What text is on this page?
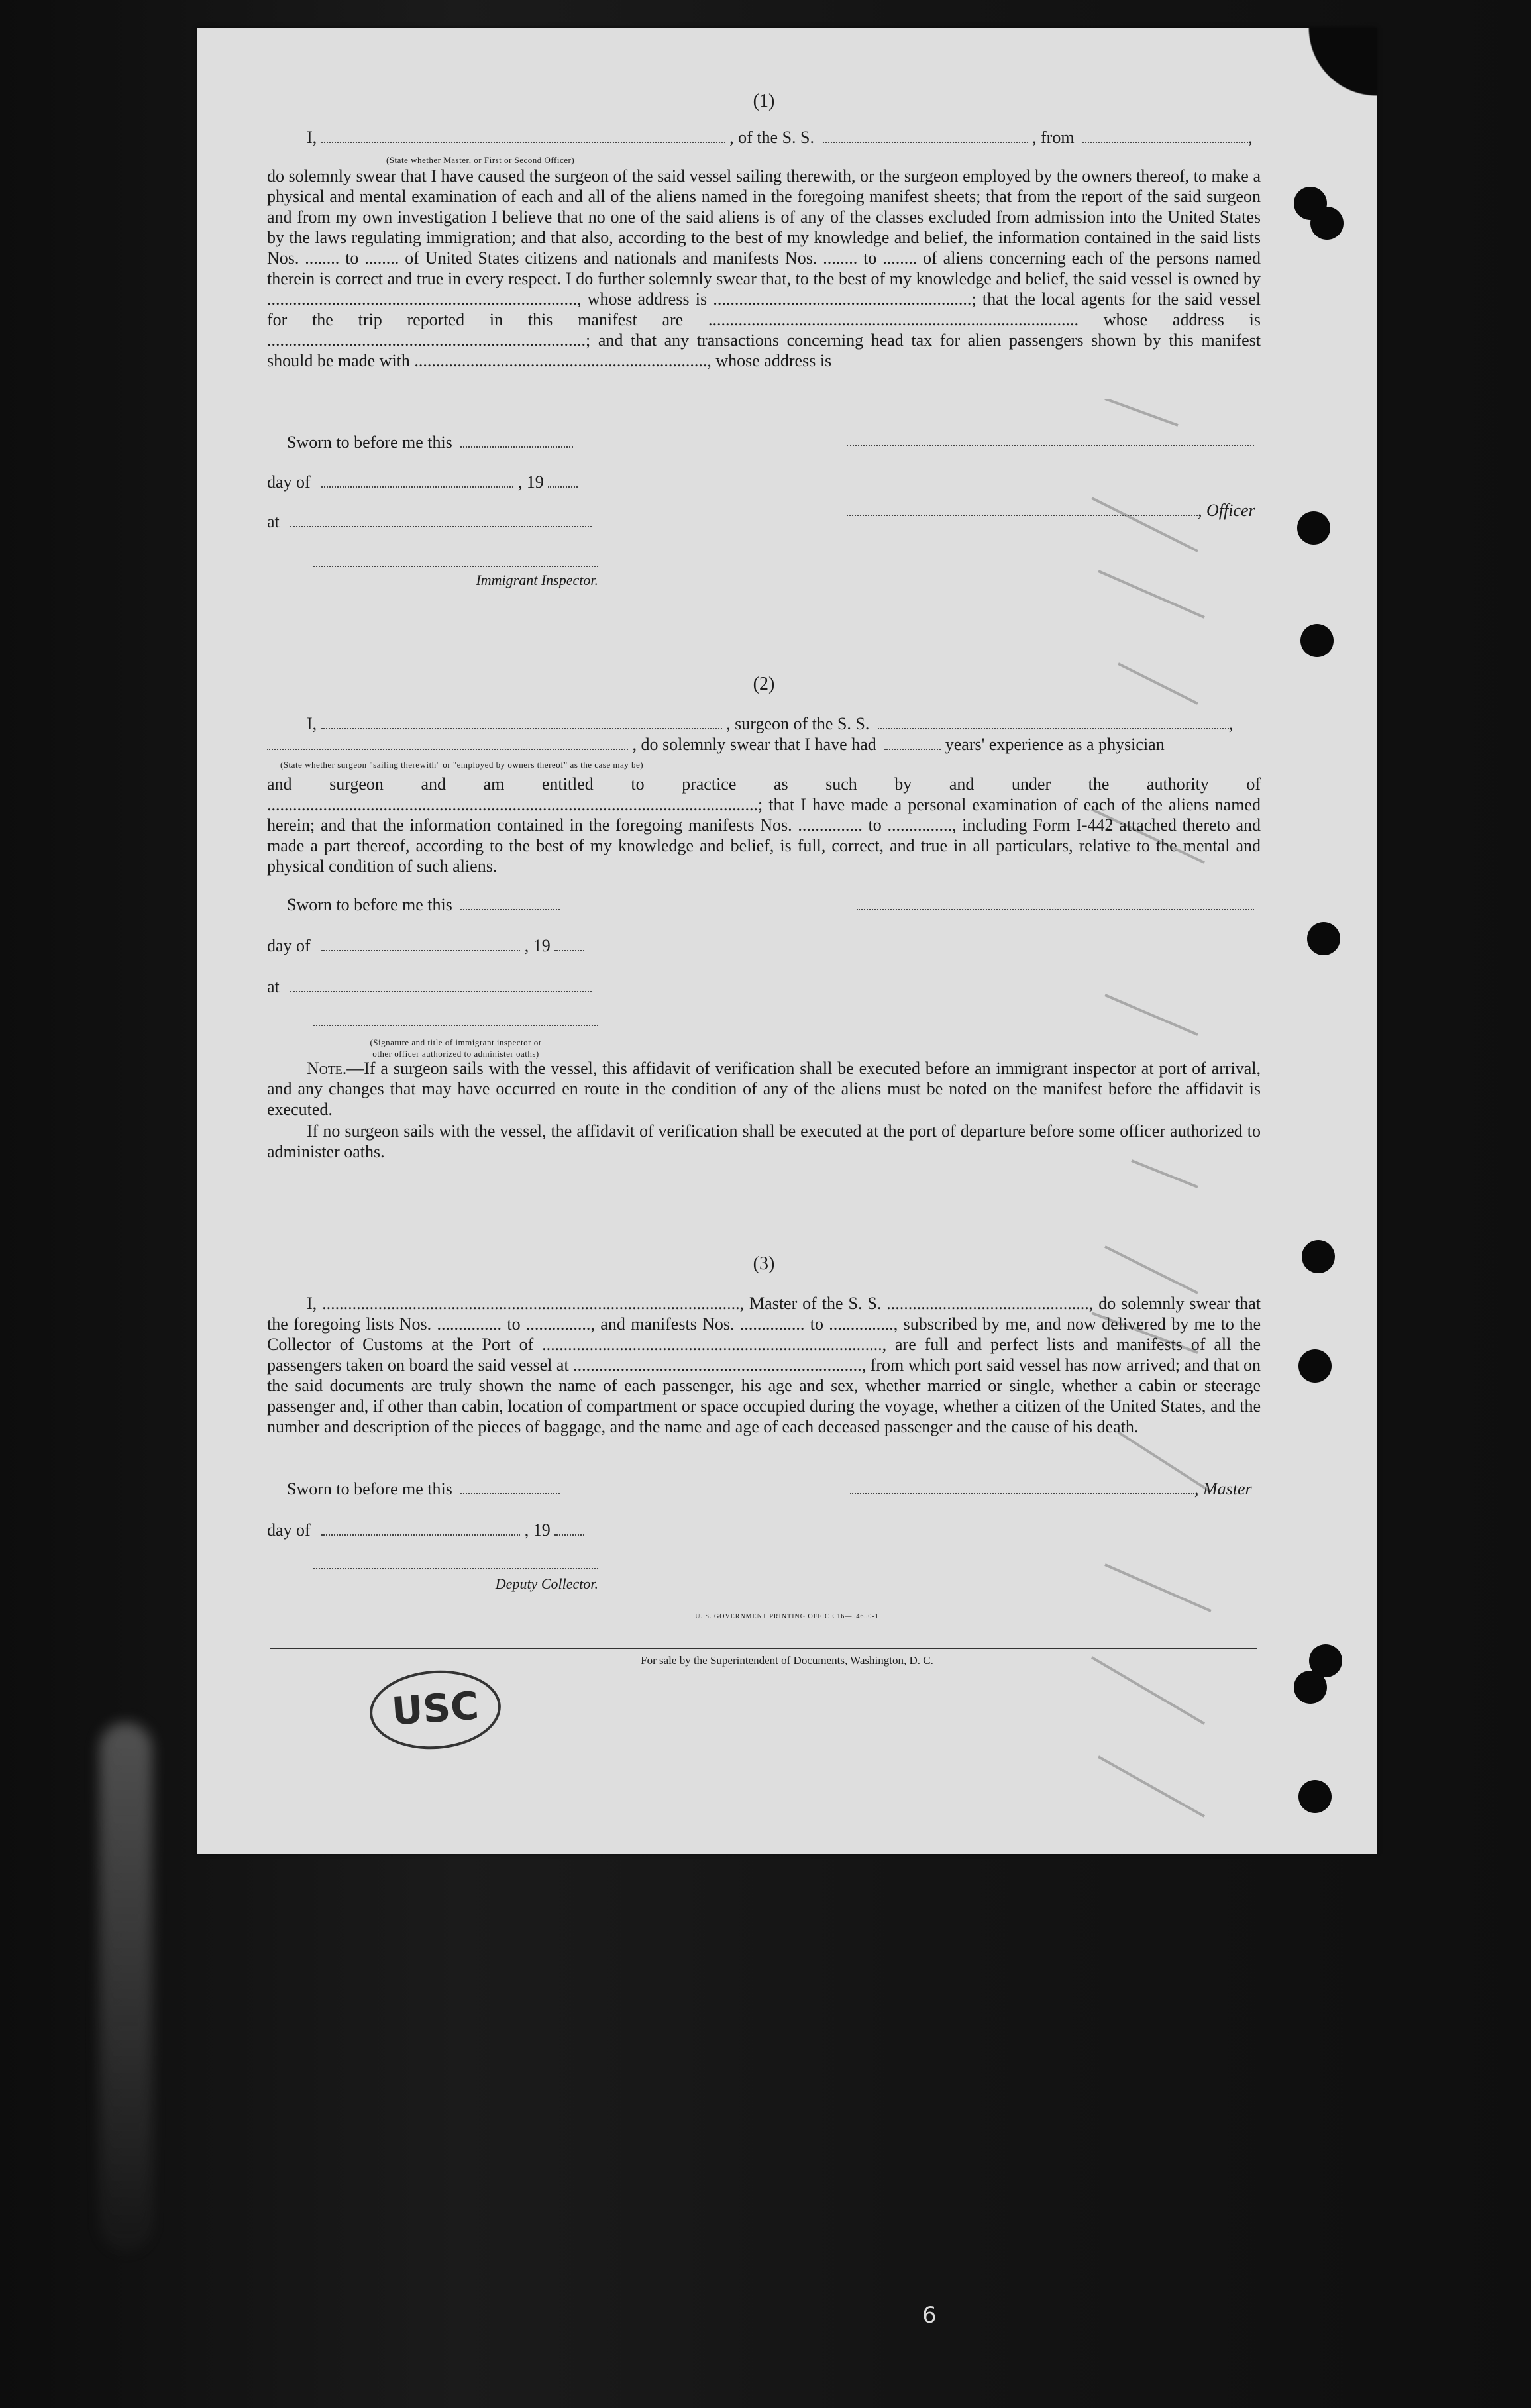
(1)
I,	, of the S. S.	, from	,
(State whether Master, or First or Second Officer)
do solemnly swear that I have caused the surgeon of the said vessel sailing therewith, or the surgeon employed by the owners thereof, to make a physical and mental examination of each and all of the aliens named in the foregoing manifest sheets; that from the report of the said surgeon and from my own investigation I believe that no one of the said aliens is of any of the classes excluded from admission into the United States by the laws regulating immigration; and that also, according to the best of my knowledge and belief, the information contained in the said lists Nos. ........ to ........ of United States citizens and nationals and manifests Nos. ........ to ........ of aliens concerning each of the persons named therein is correct and true in every respect. I do further solemnly swear that, to the best of my knowledge and belief, the said vessel is owned by ........................................................................, whose address is ............................................................; that the local agents for the said vessel for the trip reported in this manifest are ...................................................................................... whose address is ..........................................................................; and that any transactions concerning head tax for alien passengers shown by this manifest should be made with ...................................................................., whose address is
Sworn to before me this
day of	, 19
, Officer
at
Immigrant Inspector.
(2)
I,	, surgeon of the S. S.	,
, do solemnly swear that I have had	years' experience as a physician
(State whether surgeon "sailing therewith" or "employed by owners thereof" as the case may be)
and surgeon and am entitled to practice as such by and under the authority of ..................................................................................................................; that I have made a personal examination of each of the aliens named herein; and that the information contained in the foregoing manifests Nos. ............... to ..............., including Form I-442 attached thereto and made a part thereof, according to the best of my knowledge and belief, is full, correct, and true in all particulars, relative to the mental and physical condition of such aliens.
Sworn to before me this
day of	, 19
at
(Signature and title of immigrant inspector or
other officer authorized to administer oaths)
Note.—If a surgeon sails with the vessel, this affidavit of verification shall be executed before an immigrant inspector at port of arrival, and any changes that may have occurred en route in the condition of any of the aliens must be noted on the manifest before the affidavit is executed.
If no surgeon sails with the vessel, the affidavit of verification shall be executed at the port of departure before some officer authorized to administer oaths.
(3)
I, ................................................................................................., Master of the S. S. ..............................................., do solemnly swear that the foregoing lists Nos. ............... to ..............., and manifests Nos. ............... to ..............., subscribed by me, and now delivered by me to the Collector of Customs at the Port of ..............................................................................., are full and perfect lists and manifests of all the passengers taken on board the said vessel at ..................................................................., from which port said vessel has now arrived; and that on the said documents are truly shown the name of each passenger, his age and sex, whether married or single, whether a cabin or steerage passenger and, if other than cabin, location of compartment or space occupied during the voyage, whether a citizen of the United States, and the number and description of the pieces of baggage, and the name and age of each deceased passenger and the cause of his death.
Sworn to before me this	, Master
day of	, 19
Deputy Collector.
U. S. GOVERNMENT PRINTING OFFICE 16—54650-1
For sale by the Superintendent of Documents, Washington, D. C.
USC
6
